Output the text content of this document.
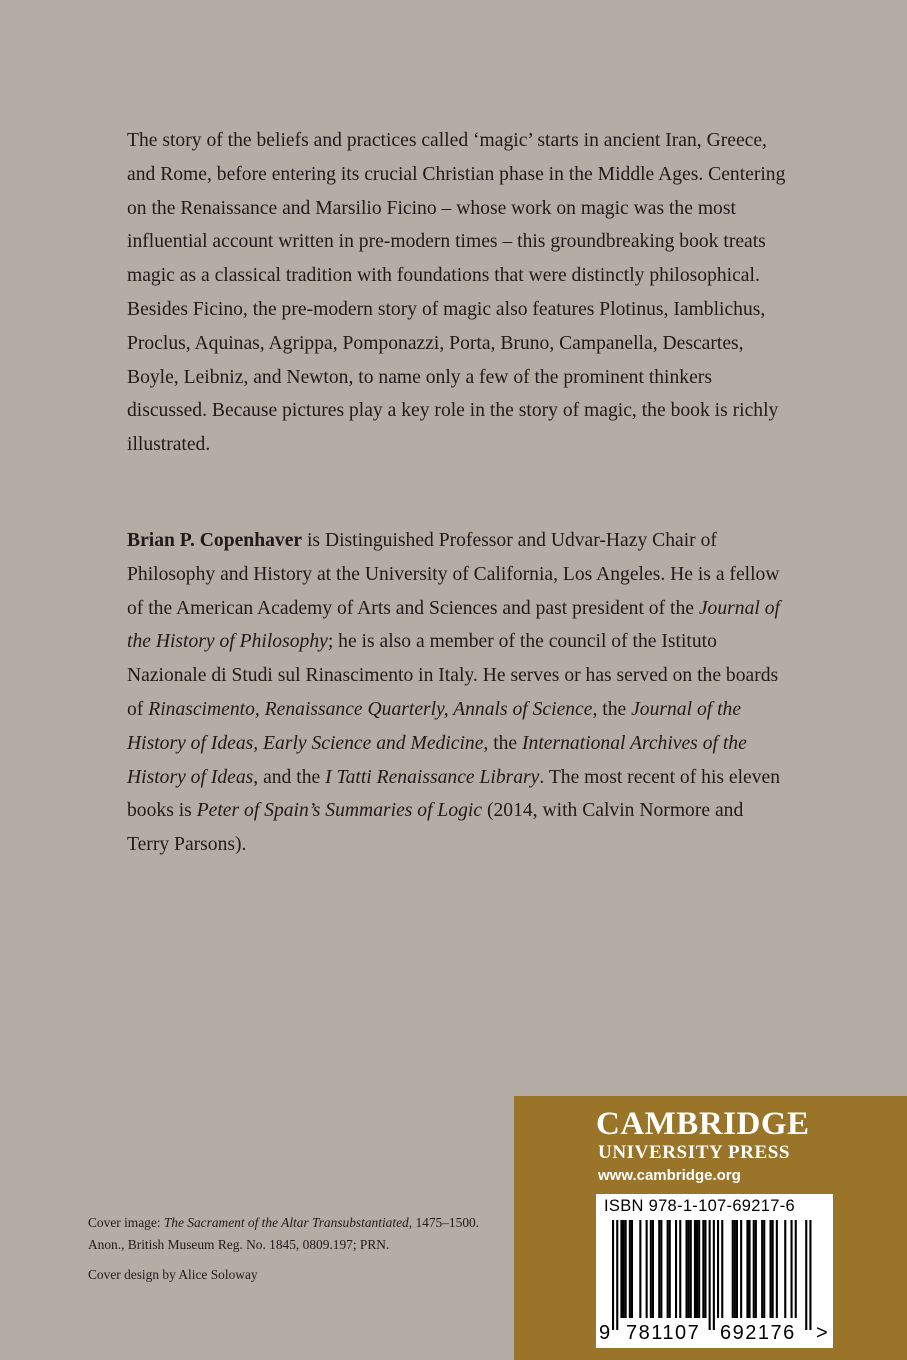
The story of the beliefs and practices called ‘magic’ starts in ancient Iran, Greece, and Rome, before entering its crucial Christian phase in the Middle Ages. Centering on the Renaissance and Marsilio Ficino – whose work on magic was the most influential account written in pre-modern times – this groundbreaking book treats magic as a classical tradition with foundations that were distinctly philosophical. Besides Ficino, the pre-modern story of magic also features Plotinus, Iamblichus, Proclus, Aquinas, Agrippa, Pomponazzi, Porta, Bruno, Campanella, Descartes, Boyle, Leibniz, and Newton, to name only a few of the prominent thinkers discussed. Because pictures play a key role in the story of magic, the book is richly illustrated.

Brian P. Copenhaver is Distinguished Professor and Udvar-Hazy Chair of Philosophy and History at the University of California, Los Angeles. He is a fellow of the American Academy of Arts and Sciences and past president of the Journal of the History of Philosophy; he is also a member of the council of the Istituto Nazionale di Studi sul Rinascimento in Italy. He serves or has served on the boards of Rinascimento, Renaissance Quarterly, Annals of Science, the Journal of the History of Ideas, Early Science and Medicine, the International Archives of the History of Ideas, and the I Tatti Renaissance Library. The most recent of his eleven books is Peter of Spain’s Summaries of Logic (2014, with Calvin Normore and Terry Parsons).

Cover image: The Sacrament of the Altar Transubstantiated, 1475–1500. Anon., British Museum Reg. No. 1845, 0809.197; PRN.

Cover design by Alice Soloway

CAMBRIDGE
UNIVERSITY PRESS
www.cambridge.org
ISBN 978-1-107-69217-6
9 781107 692176 >
